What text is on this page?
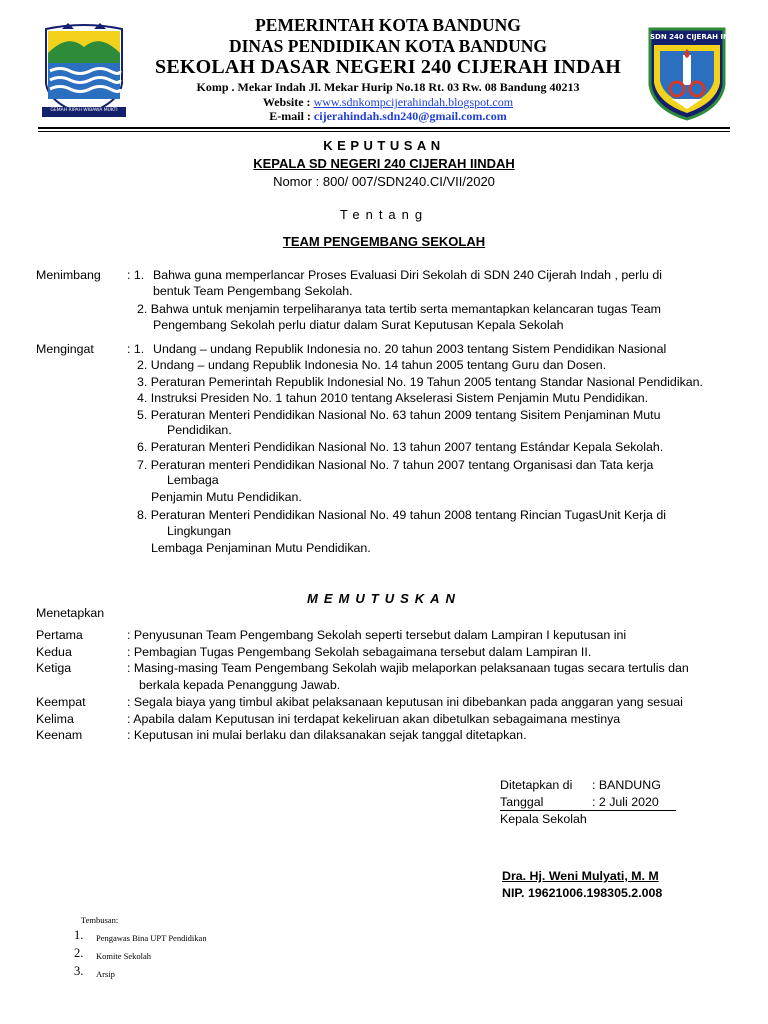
GEMAH RIPAH WIBAWA MUKTI
PEMERINTAH KOTA BANDUNG
DINAS PENDIDIKAN KOTA BANDUNG
SEKOLAH DASAR NEGERI 240 CIJERAH INDAH
Komp . Mekar Indah Jl. Mekar Hurip No.18 Rt. 03 Rw. 08 Bandung 40213
Website : www.sdnkompcijerahindah.blogspot.com
E-mail : cijerahindah.sdn240@gmail.com.com
SDN 240 CIJERAH INDAH
KEPUTUSAN
KEPALA SD NEGERI 240 CIJERAH IINDAH
Nomor : 800/ 007/SDN240.CI/VII/2020
Tentang
TEAM PENGEMBANG SEKOLAH
Menimbang : 1. Bahwa guna memperlancar Proses Evaluasi Diri Sekolah di SDN 240 Cijerah Indah , perlu di
bentuk Team Pengembang Sekolah.
2. Bahwa untuk menjamin terpeliharanya tata tertib serta memantapkan kelancaran tugas Team
Pengembang Sekolah perlu diatur dalam Surat Keputusan Kepala Sekolah
Mengingat	: 1. Undang – undang Republik Indonesia no. 20 tahun 2003 tentang Sistem Pendidikan Nasional
2. Undang – undang Republik Indonesia No. 14 tahun 2005 tentang Guru dan Dosen.
3. Peraturan Pemerintah Republik Indonesial No. 19 Tahun 2005 tentang Standar Nasional Pendidikan.
4. Instruksi Presiden No. 1 tahun 2010 tentang Akselerasi Sistem Penjamin Mutu Pendidikan.
5. Peraturan Menteri Pendidikan Nasional No. 63 tahun 2009 tentang Sisitem Penjaminan Mutu
Pendidikan.
6. Peraturan Menteri Pendidikan Nasional No. 13 tahun 2007 tentang Estándar Kepala Sekolah.
7. Peraturan menteri Pendidikan Nasional No. 7 tahun 2007 tentang Organisasi dan Tata kerja
Lembaga
Penjamin Mutu Pendidikan.
8. Peraturan Menteri Pendidikan Nasional No. 49 tahun 2008 tentang Rincian TugasUnit Kerja di
Lingkungan
Lembaga Penjaminan Mutu Pendidikan.
MEMUTUSKAN
Menetapkan
Pertama	: Penyusunan Team Pengembang Sekolah seperti tersebut dalam Lampiran I keputusan ini
Kedua	: Pembagian Tugas Pengembang Sekolah sebagaimana tersebut dalam Lampiran II.
Ketiga	: Masing-masing Team Pengembang Sekolah wajib melaporkan pelaksanaan tugas secara tertulis dan
berkala kepada Penanggung Jawab.
Keempat	: Segala biaya yang timbul akibat pelaksanaan keputusan ini dibebankan pada anggaran yang sesuai
Kelima	: Apabila dalam Keputusan ini terdapat kekeliruan akan dibetulkan sebagaimana mestinya
Keenam	: Keputusan ini mulai berlaku dan dilaksanakan sejak tanggal ditetapkan.
Ditetapkan di : BANDUNG
Tanggal	: 2 Juli 2020
Kepala Sekolah
Dra. Hj. Weni Mulyati, M. M
NIP. 19621006.198305.2.008
Tembusan:
1. Pengawas Bina UPT Pendidikan
2. Komite Sekolah
3. Arsip
